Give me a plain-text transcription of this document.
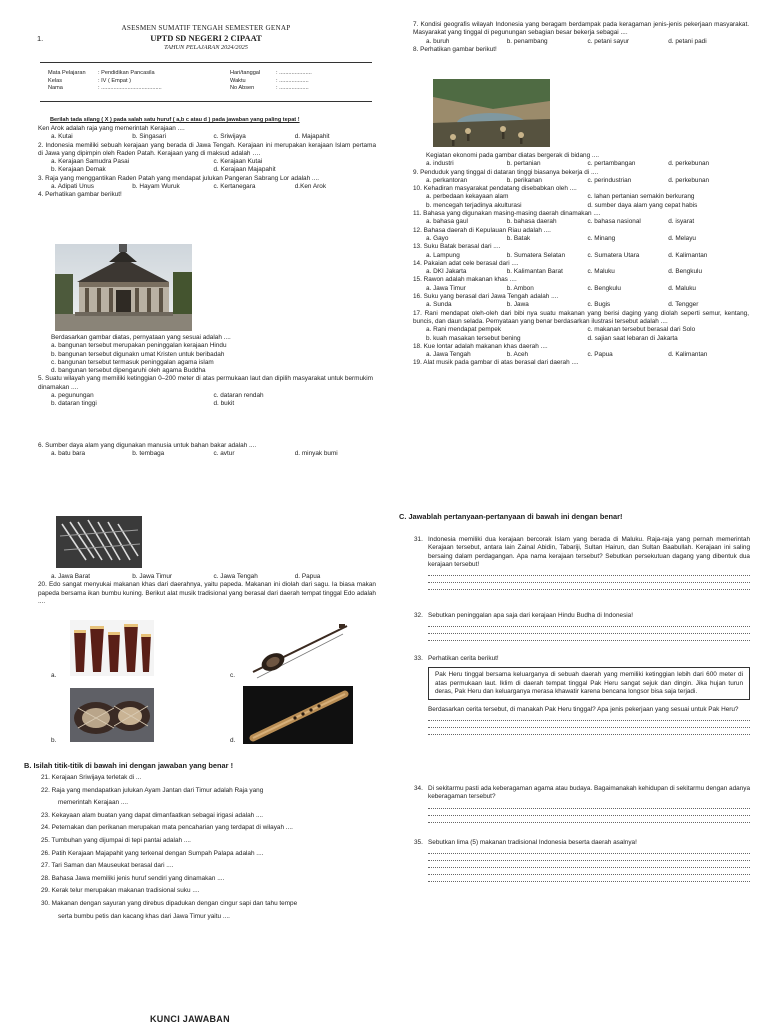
1.
ASESMEN SUMATIF TENGAH SEMESTER GENAP
UPTD SD NEGERI 2 CIPAAT
TAHUN PELAJARAN 2024/2025
Mata Pelajaran	: Pendidikan Pancasila	Hari/tanggal	: .....................
Kelas	: IV ( Empat )	Waktu	: ...................
Nama	: .......................................	No Absen	: ...................
Berilah tada silang ( X ) pada salah satu huruf ( a,b c atau d ) pada jawaban yang paling tepat !
Ken Arok adalah raja yang memerintah Kerajaan ....
a. Kutai	b. Singasari	c. Sriwijaya	d. Majapahit
2. Indonesia memiliki sebuah kerajaan yang berada di Jawa Tengah. Kerajaan ini merupakan kerajaan Islam pertama di Jawa yang dipimpin oleh Raden Patah. Kerajaan yang di maksud adalah ….
a. Kerajaan Samudra Pasai	c. Kerajaan Kutai
b. Kerajaan Demak	d. Kerajaan Majapahit
3. Raja yang menggantikan Raden Patah yang mendapat julukan Pangeran Sabrang Lor adalah ....
a. Adipati Unus	b. Hayam Wuruk	c. Kertanegara	d.Ken Arok
4. Perhatikan gambar berikut!
Berdasarkan gambar diatas, pernyataan yang sesuai adalah ....
a. bangunan tersebut merupakan peninggalan kerajaan Hindu
b. bangunan tersebut digunakn umat Kristen untuk beribadah
c. bangunan tersebut termasuk peninggalan agama islam
d. bangunan tersebut dipengaruhi oleh agama Buddha
5. Suatu wilayah yang memiliki ketinggian 0–200 meter di atas permukaan laut dan dipilih masyarakat untuk bermukim dinamakan ....
a. pegunungan	c. dataran rendah
b. dataran tinggi	d. bukit
6. Sumber daya alam yang digunakan manusia untuk bahan bakar adalah ....
a. batu bara	b. tembaga	c. avtur	d. minyak bumi
7. Kondisi geografis wilayah Indonesia yang beragam berdampak pada keragaman jenis-jenis pekerjaan masyarakat. Masyarakat yang tinggal di pegunungan sebagian besar bekerja sebagai ....
a. buruh	b. penambang	c. petani sayur	d. petani padi
8. Perhatikan gambar berikut!
Kegiatan ekonomi pada gambar diatas bergerak di bidang ....
a. industri	b. pertanian	c. pertambangan	d. perkebunan
9. Penduduk yang tinggal di dataran tinggi biasanya bekerja di ....
a. perkantoran	b. perikanan	c. perindustrian	d. perkebunan
10. Kehadiran masyarakat pendatang disebabkan oleh ....
a. perbedaan kekayaan alam	c. lahan pertanian semakin berkurang
b. mencegah terjadinya akulturasi	d. sumber daya alam yang cepat habis
11. Bahasa yang digunakan masing-masing daerah dinamakan ....
a. bahasa gaul	b. bahasa daerah	c. bahasa nasional	d. isyarat
12. Bahasa daerah di Kepulauan Riau adalah ....
a. Gayo	b. Batak	c. Minang	d. Melayu
13. Suku Batak berasal dari ....
a. Lampung	b. Sumatera Selatan	c. Sumatera Utara	d. Kalimantan
14. Pakaian adat cele berasal dari ....
a. DKI Jakarta	b. Kalimantan Barat	c. Maluku	d. Bengkulu
15. Rawon adalah makanan khas ....
a. Jawa Timur	b. Ambon	c. Bengkulu	d. Maluku
16. Suku yang berasal dari Jawa Tengah adalah ....
a. Sunda	b. Jawa	c. Bugis	d. Tengger
17. Rani mendapat oleh-oleh dari bibi nya suatu makanan yang berisi daging yang diolah seperti semur, kentang, buncis, dan daun selada. Pernyataan yang benar berdasarkan ilustrasi tersebut adalah ....
a. Rani mendapat pempek	c. makanan tersebut berasal dari Solo
b. kuah masakan tersebut bening	d. sajian saat lebaran di Jakarta
18. Kue lontar adalah makanan khas daerah ....
a. Jawa Tengah	b. Aceh	c. Papua	d. Kalimantan
19. Alat musik pada gambar di atas berasal dari daerah ....
a. Jawa Barat	b. Jawa Timur	c. Jawa Tengah	d. Papua
20. Edo sangat menyukai makanan khas dari daerahnya, yaitu papeda. Makanan ini diolah dari sagu. Ia biasa makan papeda bersama ikan bumbu kuning. Berikut alat musik tradisional yang berasal dari daerah tempat tinggal Edo adalah ....
a.	c.
b.	d.
B. Isilah titik-titik di bawah ini dengan jawaban yang benar !
21. Kerajaan Sriwijaya terletak di ...
22. Raja yang mendapatkan julukan Ayam Jantan dari Timur adalah Raja yang
memerintah Kerajaan ....
23. Kekayaan alam buatan yang dapat dimanfaatkan sebagai irigasi adalah ....
24. Peternakan dan perikanan merupakan mata pencaharian yang terdapat di wilayah ....
25. Tumbuhan yang dijumpai di tepi pantai adalah ....
26. Patih Kerajaan Majapahit yang terkenal dengan Sumpah Palapa adalah ....
27. Tari Saman dan Mauseukat berasal dari ....
28. Bahasa Jawa memiliki jenis huruf sendiri yang dinamakan ....
29. Kerak telur merupakan makanan tradisional suku ....
30. Makanan dengan sayuran yang direbus dipadukan dengan cingur sapi dan tahu tempe
serta bumbu petis dan kacang khas dari Jawa Timur yaitu ....
C. Jawablah pertanyaan-pertanyaan di bawah ini dengan benar!
31. Indonesia memiliki dua kerajaan bercorak Islam yang berada di Maluku. Raja-raja yang pernah memerintah Kerajaan tersebut, antara lain Zainal Abidin, Tabariji, Sultan Hairun, dan Sultan Baabullah. Kerajaan ini saling bersaing dalam perdagangan. Apa nama kerajaan tersebut? Sebutkan persekutuan dagang yang dibentuk dua kerajaan tersebut!
32. Sebutkan peninggalan apa saja dari kerajaan Hindu Budha di Indonesia!
33. Perhatikan cerita berikut!
Pak Heru tinggal bersama keluarganya di sebuah daerah yang memiliki ketinggian lebih dari 600 meter di atas permukaan laut. Iklim di daerah tempat tinggal Pak Heru sangat sejuk dan dingin. Jika hujan turun deras, Pak Heru dan keluarganya merasa khawatir karena bencana longsor bisa saja terjadi.
Berdasarkan cerita tersebut, di manakah Pak Heru tinggal? Apa jenis pekerjaan yang sesuai untuk Pak Heru?
34. Di sekitarmu pasti ada keberagaman agama atau budaya. Bagaimanakah kehidupan di sekitarmu dengan adanya keberagaman tersebut?
35. Sebutkan lima (5) makanan tradisional Indonesia beserta daerah asalnya!
KUNCI JAWABAN
